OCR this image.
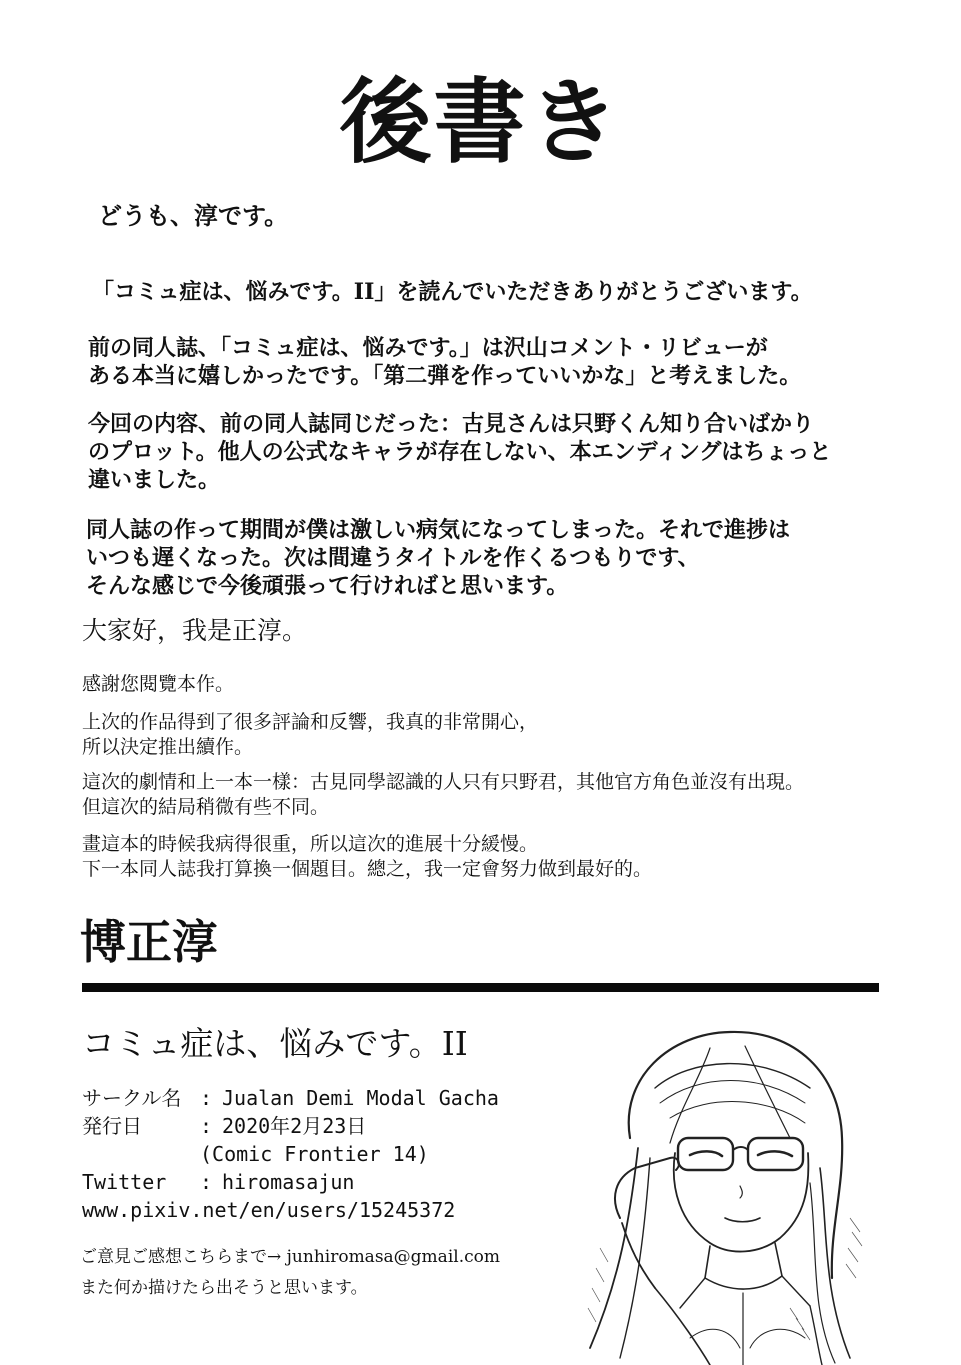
後書き

どうも、淳です。

「コミュ症は、悩みです。II」を読んでいただきありがとうございます。

前の同人誌、「コミュ症は、悩みです。」は沢山コメント・リビューが
ある本当に嬉しかったです。「第二弾を作っていいかな」と考えました。
今回の内容、前の同人誌同じだった：古見さんは只野くん知り合いばかり
のプロット。他人の公式なキャラが存在しない、本エンディングはちょっと
違いました。
同人誌の作って期間が僕は激しい病気になってしまった。それで進捗は
いつも遅くなった。次は間違うタイトルを作くるつもりです、
そんな感じで今後頑張って行ければと思います。

大家好，我是正淳。

感謝您閱覽本作。

上次的作品得到了很多評論和反響，我真的非常開心，
所以決定推出續作。
這次的劇情和上一本一樣：古見同學認識的人只有只野君，其他官方角色並沒有出現。
但這次的結局稍微有些不同。
畫這本的時候我病得很重，所以這次的進展十分緩慢。
下一本同人誌我打算換一個題目。總之，我一定會努力做到最好的。
博正淳
コミュ症は、悩みです。II
サークル名 : Jualan Demi Modal Gacha
発行日	: 2020年2月23日
(Comic Frontier 14)
Twitter	: hiromasajun
www.pixiv.net/en/users/15245372
ご意見ご感想こちらまで→ junhiromasa@gmail.com
また何か描けたら出そうと思います。
